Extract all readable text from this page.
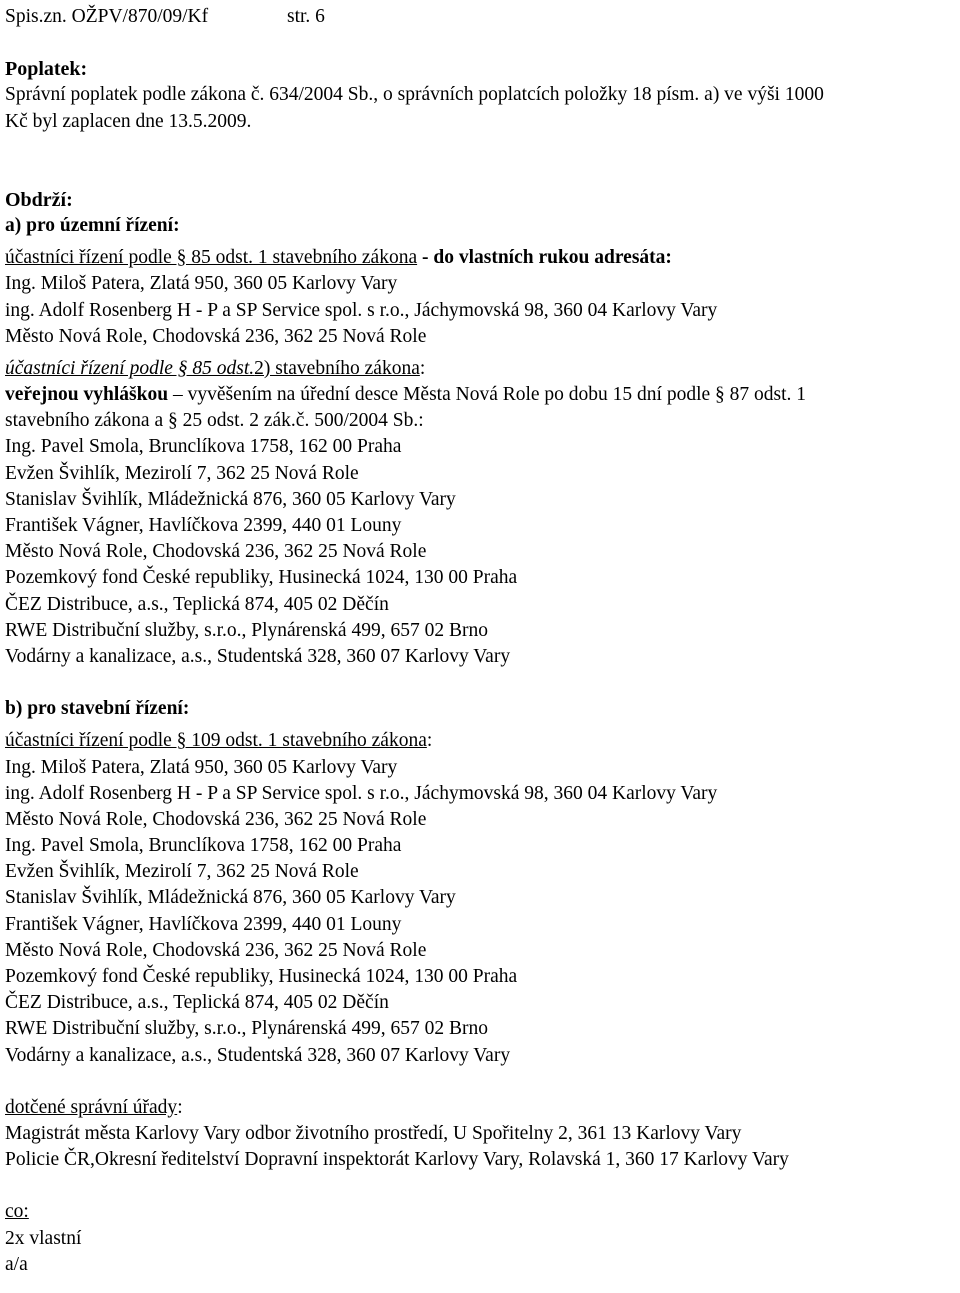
Spis.zn. OŽPV/870/09/Kf	str. 6
Poplatek:
Správní poplatek podle zákona č. 634/2004 Sb., o správních poplatcích položky 18 písm. a) ve výši 1000
Kč byl zaplacen dne 13.5.2009.
Obdrží:
a) pro územní řízení:
účastníci řízení podle § 85 odst. 1 stavebního zákona - do vlastních rukou adresáta:
Ing. Miloš Patera, Zlatá 950, 360 05 Karlovy Vary
ing. Adolf Rosenberg H - P a SP Service spol. s r.o., Jáchymovská 98, 360 04 Karlovy Vary
Město Nová Role, Chodovská 236, 362 25 Nová Role
účastníci řízení podle § 85 odst.2) stavebního zákona:
veřejnou vyhláškou – vyvěšením na úřední desce Města Nová Role po dobu 15 dní podle § 87 odst. 1
stavebního zákona a § 25 odst. 2 zák.č. 500/2004 Sb.:
Ing. Pavel Smola, Brunclíkova 1758, 162 00 Praha
Evžen Švihlík, Mezirolí 7, 362 25 Nová Role
Stanislav Švihlík, Mládežnická 876, 360 05 Karlovy Vary
František Vágner, Havlíčkova 2399, 440 01 Louny
Město Nová Role, Chodovská 236, 362 25 Nová Role
Pozemkový fond České republiky, Husinecká 1024, 130 00 Praha
ČEZ Distribuce, a.s., Teplická 874, 405 02 Děčín
RWE Distribuční služby, s.r.o., Plynárenská 499, 657 02 Brno
Vodárny a kanalizace, a.s., Studentská 328, 360 07 Karlovy Vary
b) pro stavební řízení:
účastníci řízení podle § 109 odst. 1 stavebního zákona:
Ing. Miloš Patera, Zlatá 950, 360 05 Karlovy Vary
ing. Adolf Rosenberg H - P a SP Service spol. s r.o., Jáchymovská 98, 360 04 Karlovy Vary
Město Nová Role, Chodovská 236, 362 25 Nová Role
Ing. Pavel Smola, Brunclíkova 1758, 162 00 Praha
Evžen Švihlík, Mezirolí 7, 362 25 Nová Role
Stanislav Švihlík, Mládežnická 876, 360 05 Karlovy Vary
František Vágner, Havlíčkova 2399, 440 01 Louny
Město Nová Role, Chodovská 236, 362 25 Nová Role
Pozemkový fond České republiky, Husinecká 1024, 130 00 Praha
ČEZ Distribuce, a.s., Teplická 874, 405 02 Děčín
RWE Distribuční služby, s.r.o., Plynárenská 499, 657 02 Brno
Vodárny a kanalizace, a.s., Studentská 328, 360 07 Karlovy Vary
dotčené správní úřady:
Magistrát města Karlovy Vary odbor životního prostředí, U Spořitelny 2, 361 13 Karlovy Vary
Policie ČR,Okresní ředitelství Dopravní inspektorát Karlovy Vary, Rolavská 1, 360 17 Karlovy Vary
co:
2x vlastní
a/a
